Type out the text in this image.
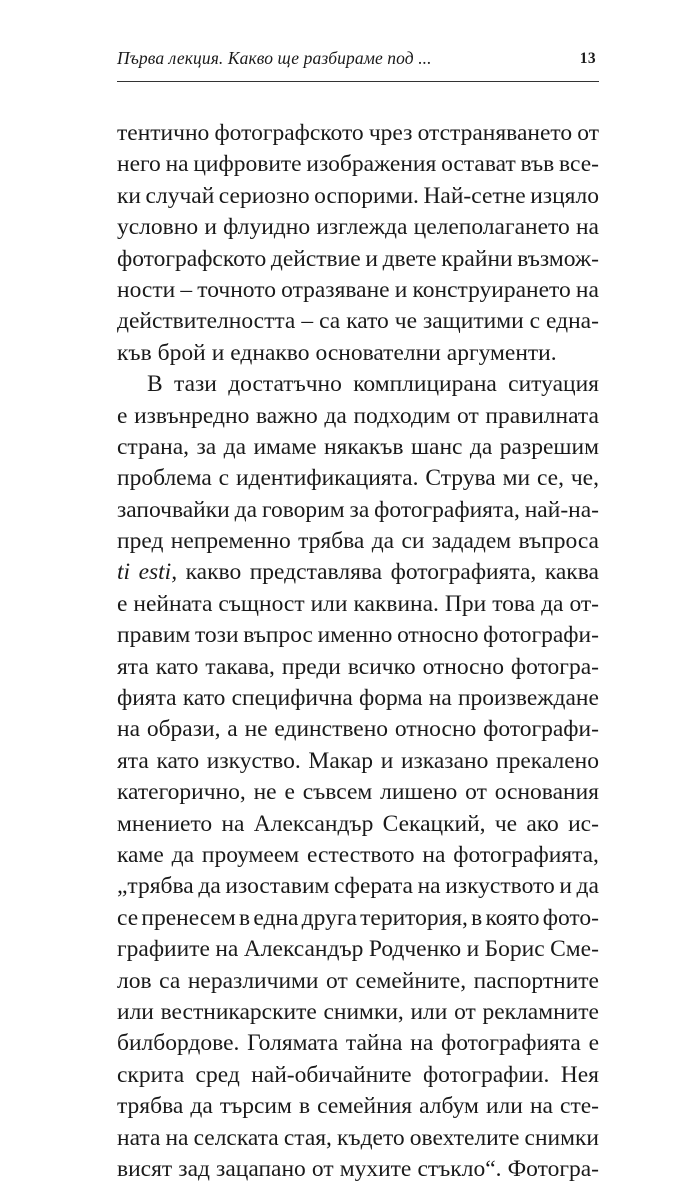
Първа лекция. Какво ще разбираме под ...	13
тентично фотографското чрез отстраняването от
него на цифровите изображения остават във все-
ки случай сериозно оспорими. Най-сетне изцяло
условно и флуидно изглежда целеполагането на
фотографското действие и двете крайни възмож-
ности – точното отразяване и конструирането на
действителността – са като че защитими с една-
къв брой и еднакво основателни аргументи.
В тази достатъчно комплицирана ситуация
е извънредно важно да подходим от правилната
страна, за да имаме някакъв шанс да разрешим
проблема с идентификацията. Струва ми се, че,
започвайки да говорим за фотографията, най-на-
пред непременно трябва да си зададем въпроса
ti esti, какво представлява фотографията, каква
е нейната същност или каквина. При това да от-
правим този въпрос именно относно фотографи-
ята като такава, преди всичко относно фотогра-
фията като специфична форма на произвеждане
на образи, а не единствено относно фотографи-
ята като изкуство. Макар и изказано прекалено
категорично, не е съвсем лишено от основания
мнението на Александър Секацкий, че ако ис-
каме да проумеем естеството на фотографията,
„трябва да изоставим сферата на изкуството и да
се пренесем в една друга територия, в която фото-
графиите на Александър Родченко и Борис Сме-
лов са неразличими от семейните, паспортните
или вестникарските снимки, или от рекламните
билбордове. Голямата тайна на фотографията е
скрита сред най-обичайните фотографии. Нея
трябва да търсим в семейния албум или на сте-
ната на селската стая, където овехтелите снимки
висят зад зацапано от мухите стъкло“. Фотогра-
